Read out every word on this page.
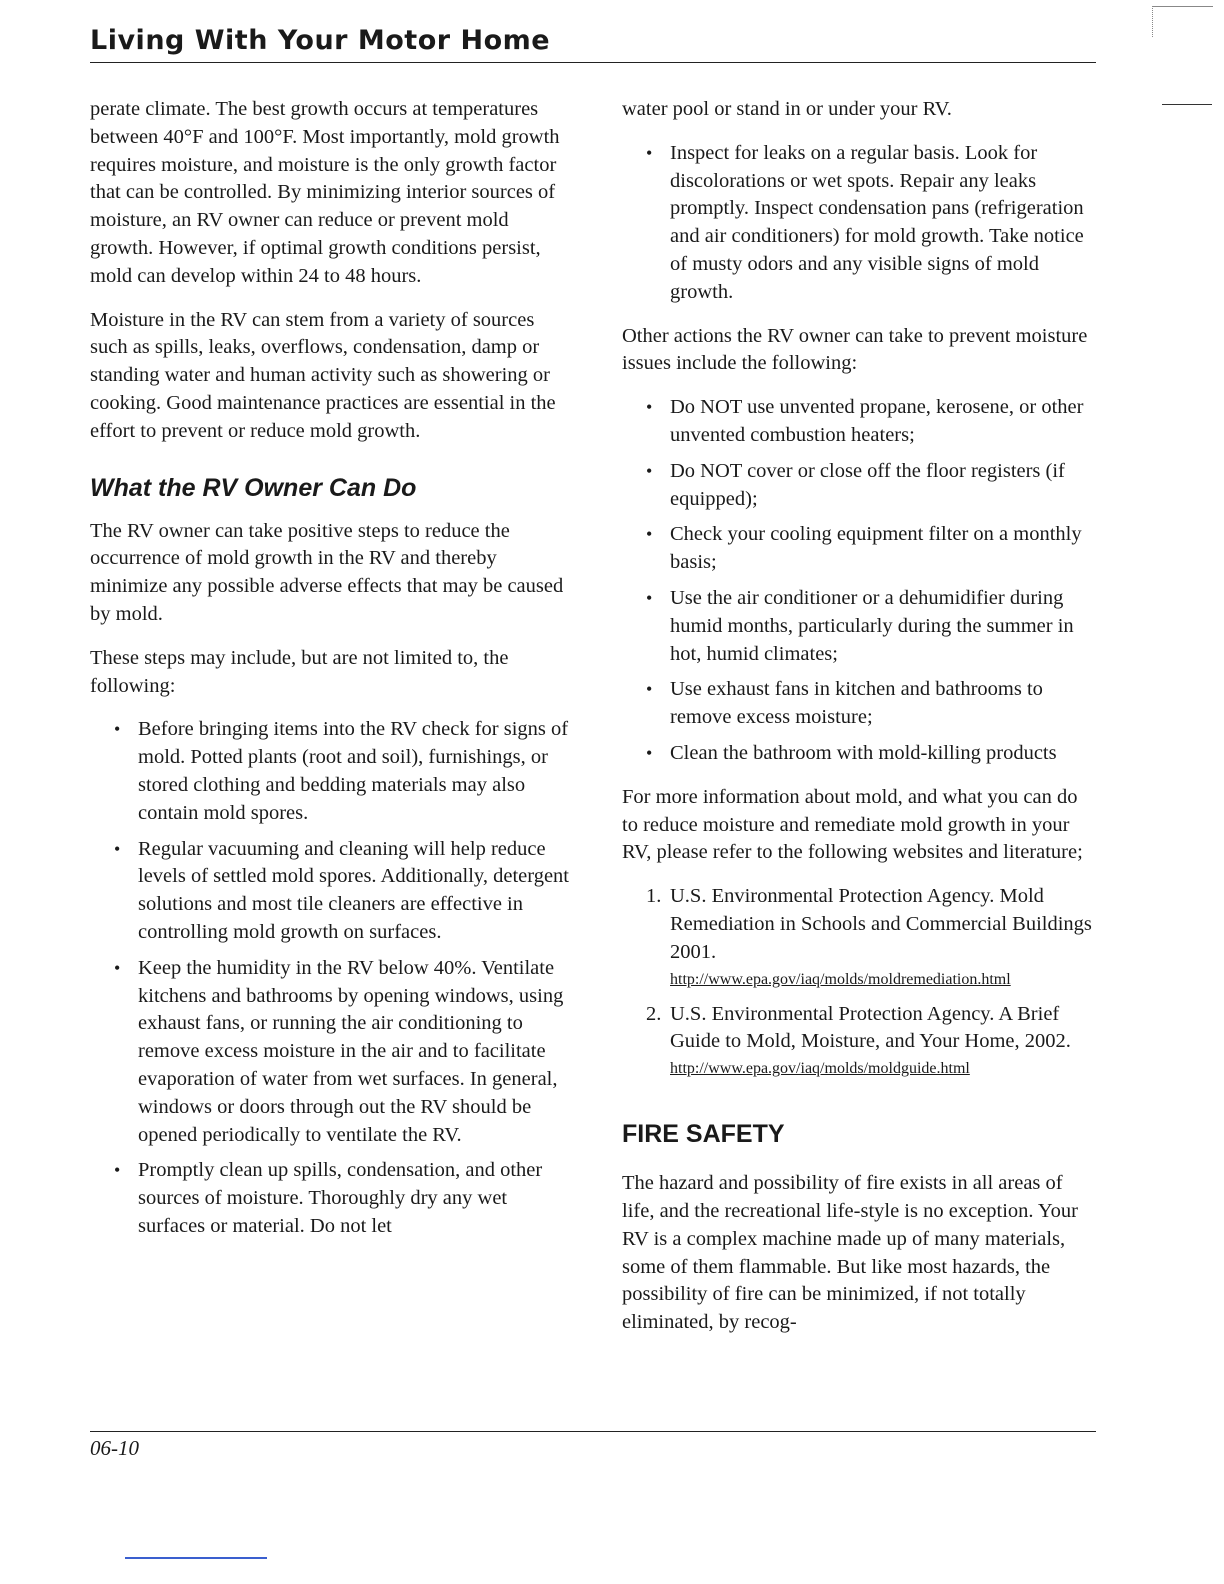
Living With Your Motor Home

perate climate. The best growth occurs at temperatures between 40°F and 100°F. Most importantly, mold growth requires moisture, and moisture is the only growth factor that can be controlled. By minimizing interior sources of moisture, an RV owner can reduce or prevent mold growth. However, if optimal growth conditions persist, mold can develop within 24 to 48 hours.

Moisture in the RV can stem from a variety of sources such as spills, leaks, overflows, condensation, damp or standing water and human activity such as showering or cooking. Good maintenance practices are essential in the effort to prevent or reduce mold growth.

What the RV Owner Can Do

The RV owner can take positive steps to reduce the occurrence of mold growth in the RV and thereby minimize any possible adverse effects that may be caused by mold.

These steps may include, but are not limited to, the following:

• Before bringing items into the RV check for signs of mold. Potted plants (root and soil), furnishings, or stored clothing and bedding materials may also contain mold spores.
• Regular vacuuming and cleaning will help reduce levels of settled mold spores. Additionally, detergent solutions and most tile cleaners are effective in controlling mold growth on surfaces.
• Keep the humidity in the RV below 40%. Ventilate kitchens and bathrooms by opening windows, using exhaust fans, or running the air conditioning to remove excess moisture in the air and to facilitate evaporation of water from wet surfaces. In general, windows or doors through out the RV should be opened periodically to ventilate the RV.
• Promptly clean up spills, condensation, and other sources of moisture. Thoroughly dry any wet surfaces or material. Do not let

water pool or stand in or under your RV.

• Inspect for leaks on a regular basis. Look for discolorations or wet spots. Repair any leaks promptly. Inspect condensation pans (refrigeration and air conditioners) for mold growth. Take notice of musty odors and any visible signs of mold growth.

Other actions the RV owner can take to prevent moisture issues include the following:

• Do NOT use unvented propane, kerosene, or other unvented combustion heaters;
• Do NOT cover or close off the floor registers (if equipped);
• Check your cooling equipment filter on a monthly basis;
• Use the air conditioner or a dehumidifier during humid months, particularly during the summer in hot, humid climates;
• Use exhaust fans in kitchen and bathrooms to remove excess moisture;
• Clean the bathroom with mold-killing products

For more information about mold, and what you can do to reduce moisture and remediate mold growth in your RV, please refer to the following websites and literature;

1. U.S. Environmental Protection Agency. Mold Remediation in Schools and Commercial Buildings 2001.
http://www.epa.gov/iaq/molds/moldremediation.html
2. U.S. Environmental Protection Agency. A Brief Guide to Mold, Moisture, and Your Home, 2002.
http://www.epa.gov/iaq/molds/moldguide.html
FIRE SAFETY

The hazard and possibility of fire exists in all areas of life, and the recreational life-style is no exception. Your RV is a complex machine made up of many materials, some of them flammable. But like most hazards, the possibility of fire can be minimized, if not totally eliminated, by recog-

06-10
